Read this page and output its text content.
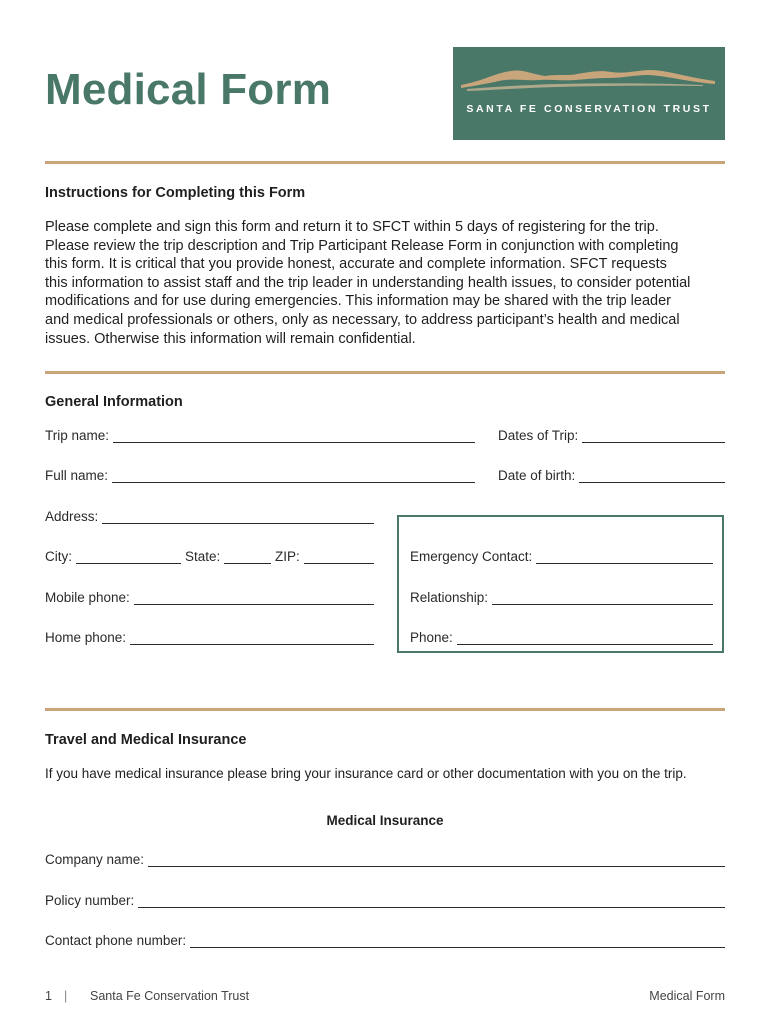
Medical Form	SANTA FE CONSERVATION TRUST
Instructions for Completing this Form
Please complete and sign this form and return it to SFCT within 5 days of registering for the trip.
Please review the trip description and Trip Participant Release Form in conjunction with completing
this form. It is critical that you provide honest, accurate and complete information. SFCT requests
this information to assist staff and the trip leader in understanding health issues, to consider potential
modifications and for use during emergencies. This information may be shared with the trip leader
and medical professionals or others, only as necessary, to address participant’s health and medical
issues. Otherwise this information will remain confidential.
General Information
Trip name:	Dates of Trip:
Full name:	Date of birth:
Address:
City:	State:	ZIP:
Mobile phone:
Home phone:
Emergency Contact:
Relationship:
Phone:
Travel and Medical Insurance
If you have medical insurance please bring your insurance card or other documentation with you on the trip.
Medical Insurance
Company name:
Policy number:
Contact phone number:
1 | Santa Fe Conservation Trust	Medical Form
